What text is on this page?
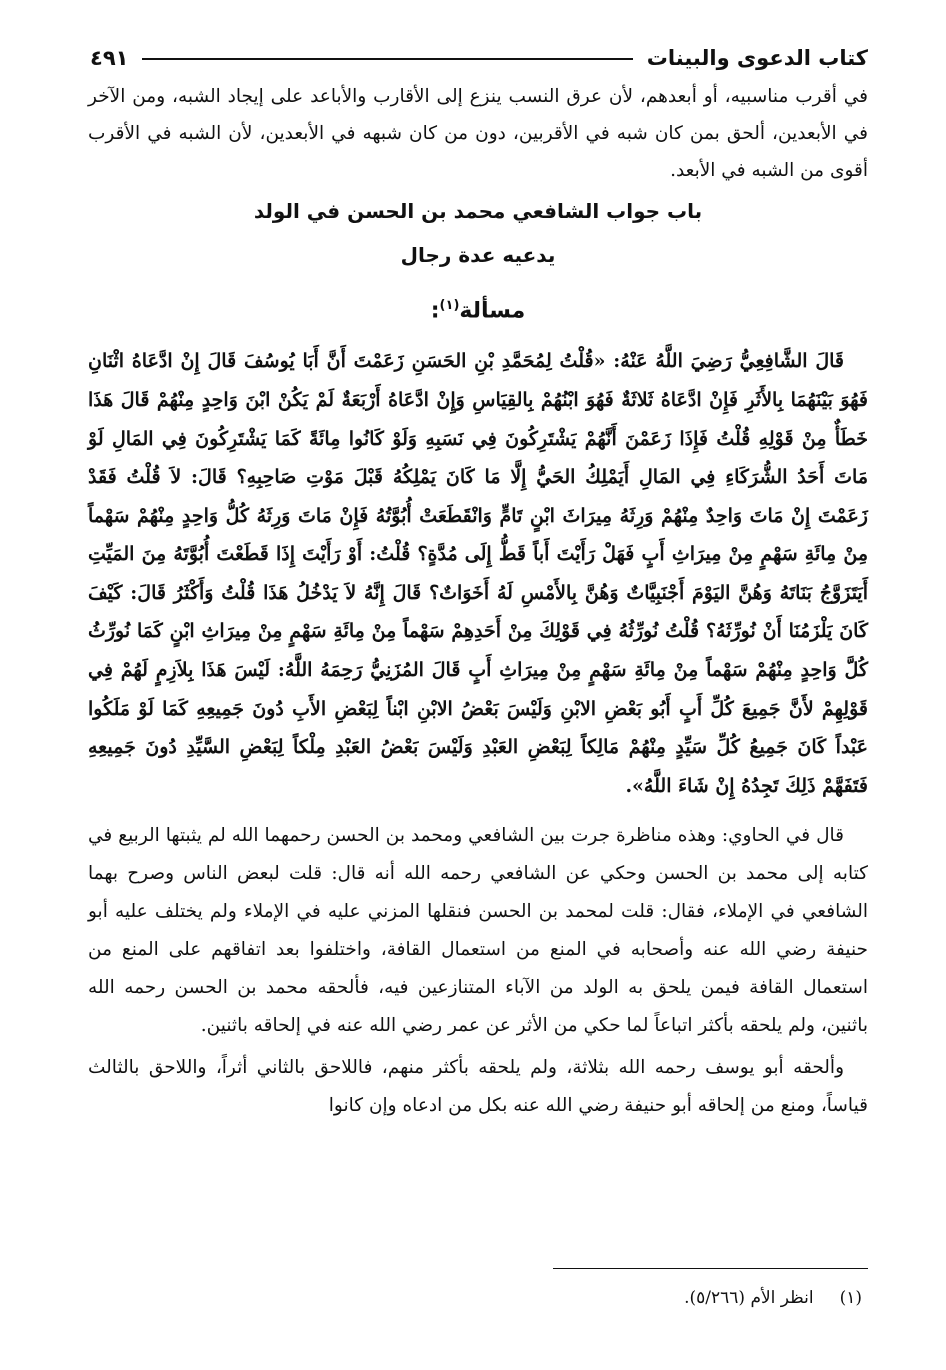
كتاب الدعوى والبينات
٤٩١

في أقرب مناسبيه، أو أبعدهم، لأن عرق النسب ينزع إلى الأقارب والأباعد على إيجاد الشبه، ومن الآخر في الأبعدين، ألحق بمن كان شبه في الأقربين، دون من كان شبهه في الأبعدين، لأن الشبه في الأقرب أقوى من الشبه في الأبعد.

باب جواب الشافعي محمد بن الحسن في الولد
يدعيه عدة رجال
مسألة$^{(١)}$:

قَالَ الشَّافِعِيُّ رَضِيَ اللَّهُ عَنْهُ: «قُلْتُ لِمُحَمَّدِ بْنِ الحَسَنِ زَعَمْتَ أَنَّ أَبَا يُوسُفَ قَالَ إِنْ ادَّعَاهُ اثْنَانِ فَهُوَ بَيْنَهُمَا بِالأَثَرِ فَإِنْ ادَّعَاهُ ثَلاثَةٌ فَهُوَ ابْنُهُمْ بِالقِيَاسِ وَإِنْ ادَّعَاهُ أَرْبَعَةٌ لَمْ يَكُنْ ابْنَ وَاحِدٍ مِنْهُمْ قَالَ هَذَا خَطَأٌ مِنْ قَوْلِهِ قُلْتُ فَإِذَا زَعَمْنَ أَنَّهُمْ يَشْتَرِكُونَ فِي نَسَبِهِ وَلَوْ كَانُوا مِائَةً كَمَا يَشْتَرِكُونَ فِي المَالِ لَوْ مَاتَ أَحَدُ الشُّرَكَاءِ فِي المَالِ أَيَمْلِكُ الحَيُّ إِلَّا مَا كَانَ يَمْلِكُهُ قَبْلَ مَوْتِ صَاحِبِهِ؟ قَالَ: لاَ قُلْتُ فَقَدْ زَعَمْتَ إِنْ مَاتَ وَاحِدٌ مِنْهُمْ وَرِثَهُ مِيرَاثَ ابْنٍ تَامٍّ وَانْقَطَعَتْ أُبُوَّتُهُ فَإِنْ مَاتَ وَرِثَهُ كُلُّ وَاحِدٍ مِنْهُمْ سَهْماً مِنْ مِائَةِ سَهْمٍ مِنْ مِيرَاثِ أَبٍ فَهَلْ رَأَيْتَ أَباً قَطُّ إِلَى مُدَّةٍ؟ قُلْتُ: أَوْ رَأَيْتَ إِذَا قَطَعْتَ أُبُوَّتَهُ مِنَ المَيِّتِ أَيَتَزَوَّجُ بَنَاتَهُ وَهُنَّ اليَوْمَ أَجْنَبِيَّاتٌ وَهُنَّ بِالأَمْسِ لَهُ أَخَوَاتٌ؟ قَالَ إِنَّهُ لاَ يَدْخُلُ هَذَا قُلْتُ وَأَكْثَرُ قَالَ: كَيْفَ كَانَ يَلْزَمُنَا أَنْ نُورِّثَهُ؟ قُلْتُ نُورِّثُهُ فِي قَوْلِكَ مِنْ أَحَدِهِمْ سَهْماً مِنْ مِائَةِ سَهْمٍ مِنْ مِيرَاثِ ابْنٍ كَمَا نُورِّثُ كُلَّ وَاحِدٍ مِنْهُمْ سَهْماً مِنْ مِائَةِ سَهْمٍ مِنْ مِيرَاثِ أَبٍ قَالَ المُزَنِيُّ رَحِمَهُ اللَّهُ: لَيْسَ هَذَا بِلاَزِمٍ لَهُمْ فِي قَوْلِهِمْ لأَنَّ جَمِيعَ كُلِّ أَبٍ أَبُو بَعْضِ الابْنِ وَلَيْسَ بَعْضُ الابْنِ ابْناً لِبَعْضِ الأَبِ دُونَ جَمِيعِهِ كَمَا لَوْ مَلَكُوا عَبْداً كَانَ جَمِيعُ كُلِّ سَيِّدٍ مِنْهُمْ مَالِكاً لِبَعْضِ العَبْدِ وَلَيْسَ بَعْضُ العَبْدِ مِلْكاً لِبَعْضِ السَّيِّدِ دُونَ جَمِيعِهِ فَتَفَهَّمْ ذَلِكَ تَجِدُهُ إِنْ شَاءَ اللَّهُ».

قال في الحاوي: وهذه مناظرة جرت بين الشافعي ومحمد بن الحسن رحمهما الله لم يثبتها الربيع في كتابه إلى محمد بن الحسن وحكي عن الشافعي رحمه الله أنه قال: قلت لبعض الناس وصرح بهما الشافعي في الإملاء، فقال: قلت لمحمد بن الحسن فنقلها المزني عليه في الإملاء ولم يختلف عليه أبو حنيفة رضي الله عنه وأصحابه في المنع من استعمال القافة، واختلفوا بعد اتفاقهم على المنع من استعمال القافة فيمن يلحق به الولد من الآباء المتنازعين فيه، فألحقه محمد بن الحسن رحمه الله باثنين، ولم يلحقه بأكثر اتباعاً لما حكي من الأثر عن عمر رضي الله عنه في إلحاقه باثنين.

وألحقه أبو يوسف رحمه الله بثلاثة، ولم يلحقه بأكثر منهم، فاللاحق بالثاني أثراً، واللاحق بالثالث قياساً، ومنع من إلحاقه أبو حنيفة رضي الله عنه بكل من ادعاه وإن كانوا

(١)
انظر الأم (٥/٢٦٦).
